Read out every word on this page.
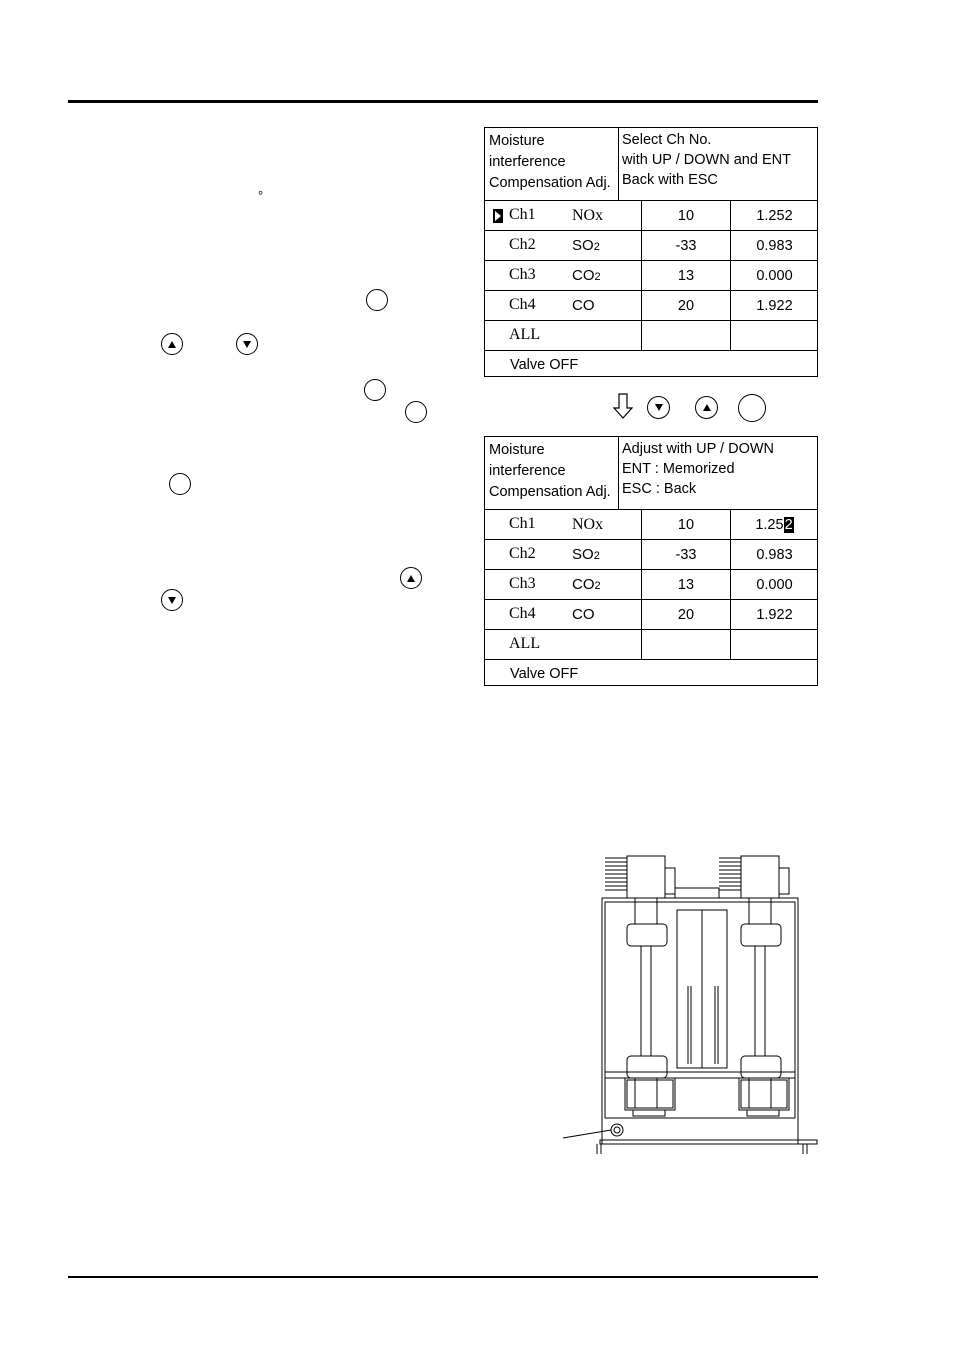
°
Moisture
interference
Compensation Adj.
Select Ch No.
with UP / DOWN and ENT
Back with ESC
Ch1 NOx	10	1.252
Ch2 SO2	-33	0.983
Ch3 CO2	13	0.000
Ch4 CO	20	1.922
ALL
Valve OFF
Moisture
interference
Compensation Adj.
Adjust with UP / DOWN
ENT : Memorized
ESC : Back
Ch1 NOx	10	1.252
Ch2 SO2	-33	0.983
Ch3 CO2	13	0.000
Ch4 CO	20	1.922
ALL
Valve OFF
